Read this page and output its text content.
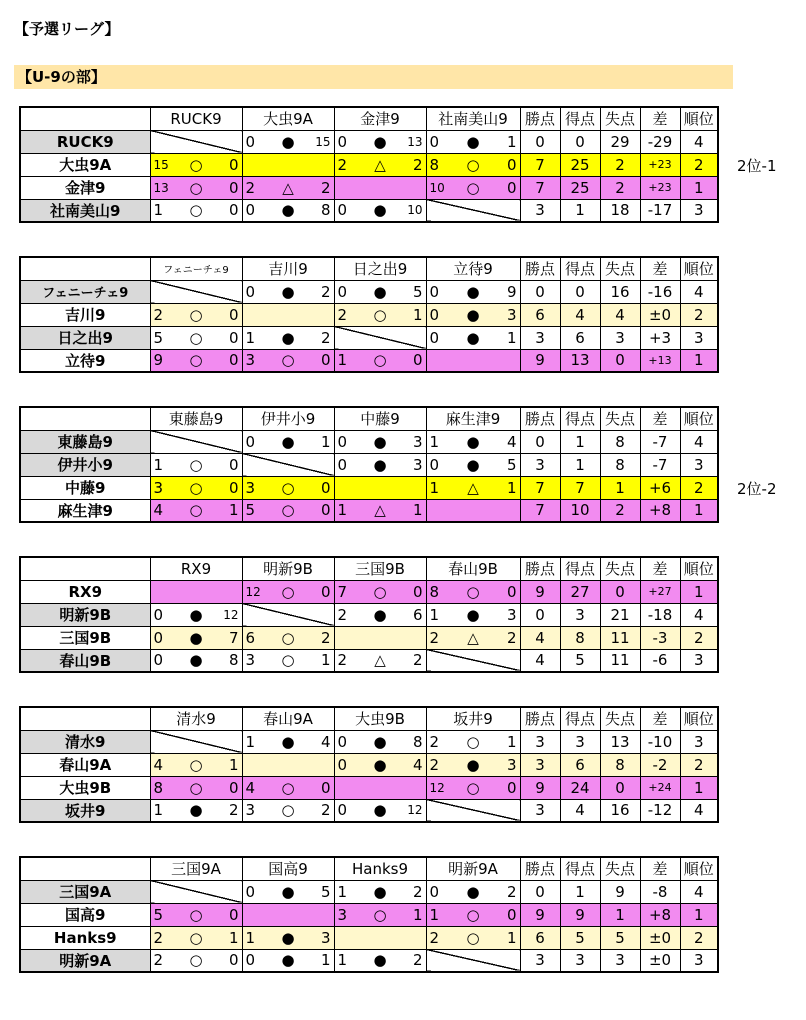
【予選リーグ】
【U-9の部】
2位-1
A	RUCK9	大虫9A	金津9	社南美山9	勝点	得点	失点	差	順位
RUCK9		0 ● 15	0 ● 13	0 ● 1	0	0	29	-29	4
大虫9A	15 ○ 0		2 △ 2	8 ○ 0	7	25	2	+23	2
金津9	13 ○ 0	2 △ 2		10 ○ 0	7	25	2	+23	1
社南美山9	1 ○ 0	0 ● 8	0 ● 10		3	1	18	-17	3
B	フェニーチェ9	吉川9	日之出9	立待9	勝点	得点	失点	差	順位
フェニーチェ9		0 ● 2	0 ● 5	0 ● 9	0	0	16	-16	4
吉川9	2 ○ 0		2 ○ 1	0 ● 3	6	4	4	±0	2
日之出9	5 ○ 0	1 ● 2		0 ● 1	3	6	3	+3	3
立待9	9 ○ 0	3 ○ 0	1 ○ 0		9	13	0	+13	1
2位-2
C	東藤島9	伊井小9	中藤9	麻生津9	勝点	得点	失点	差	順位
東藤島9		0 ● 1	0 ● 3	1 ● 4	0	1	8	-7	4
伊井小9	1 ○ 0		0 ● 3	0 ● 5	3	1	8	-7	3
中藤9	3 ○ 0	3 ○ 0		1 △ 1	7	7	1	+6	2
麻生津9	4 ○ 1	5 ○ 0	1 △ 1		7	10	2	+8	1
D	RX9	明新9B	三国9B	春山9B	勝点	得点	失点	差	順位
RX9		12 ○ 0	7 ○ 0	8 ○ 0	9	27	0	+27	1
明新9B	0 ● 12		2 ● 6	1 ● 3	0	3	21	-18	4
三国9B	0 ● 7	6 ○ 2		2 △ 2	4	8	11	-3	2
春山9B	0 ● 8	3 ○ 1	2 △ 2		4	5	11	-6	3
E	清水9	春山9A	大虫9B	坂井9	勝点	得点	失点	差	順位
清水9		1 ● 4	0 ● 8	2 ○ 1	3	3	13	-10	3
春山9A	4 ○ 1		0 ● 4	2 ● 3	3	6	8	-2	2
大虫9B	8 ○ 0	4 ○ 0		12 ○ 0	9	24	0	+24	1
坂井9	1 ● 2	3 ○ 2	0 ● 12		3	4	16	-12	4
F	三国9A	国高9	Hanks9	明新9A	勝点	得点	失点	差	順位
三国9A		0 ● 5	1 ● 2	0 ● 2	0	1	9	-8	4
国高9	5 ○ 0		3 ○ 1	1 ○ 0	9	9	1	+8	1
Hanks9	2 ○ 1	1 ● 3		2 ○ 1	6	5	5	±0	2
明新9A	2 ○ 0	0 ● 1	1 ● 2		3	3	3	±0	3
